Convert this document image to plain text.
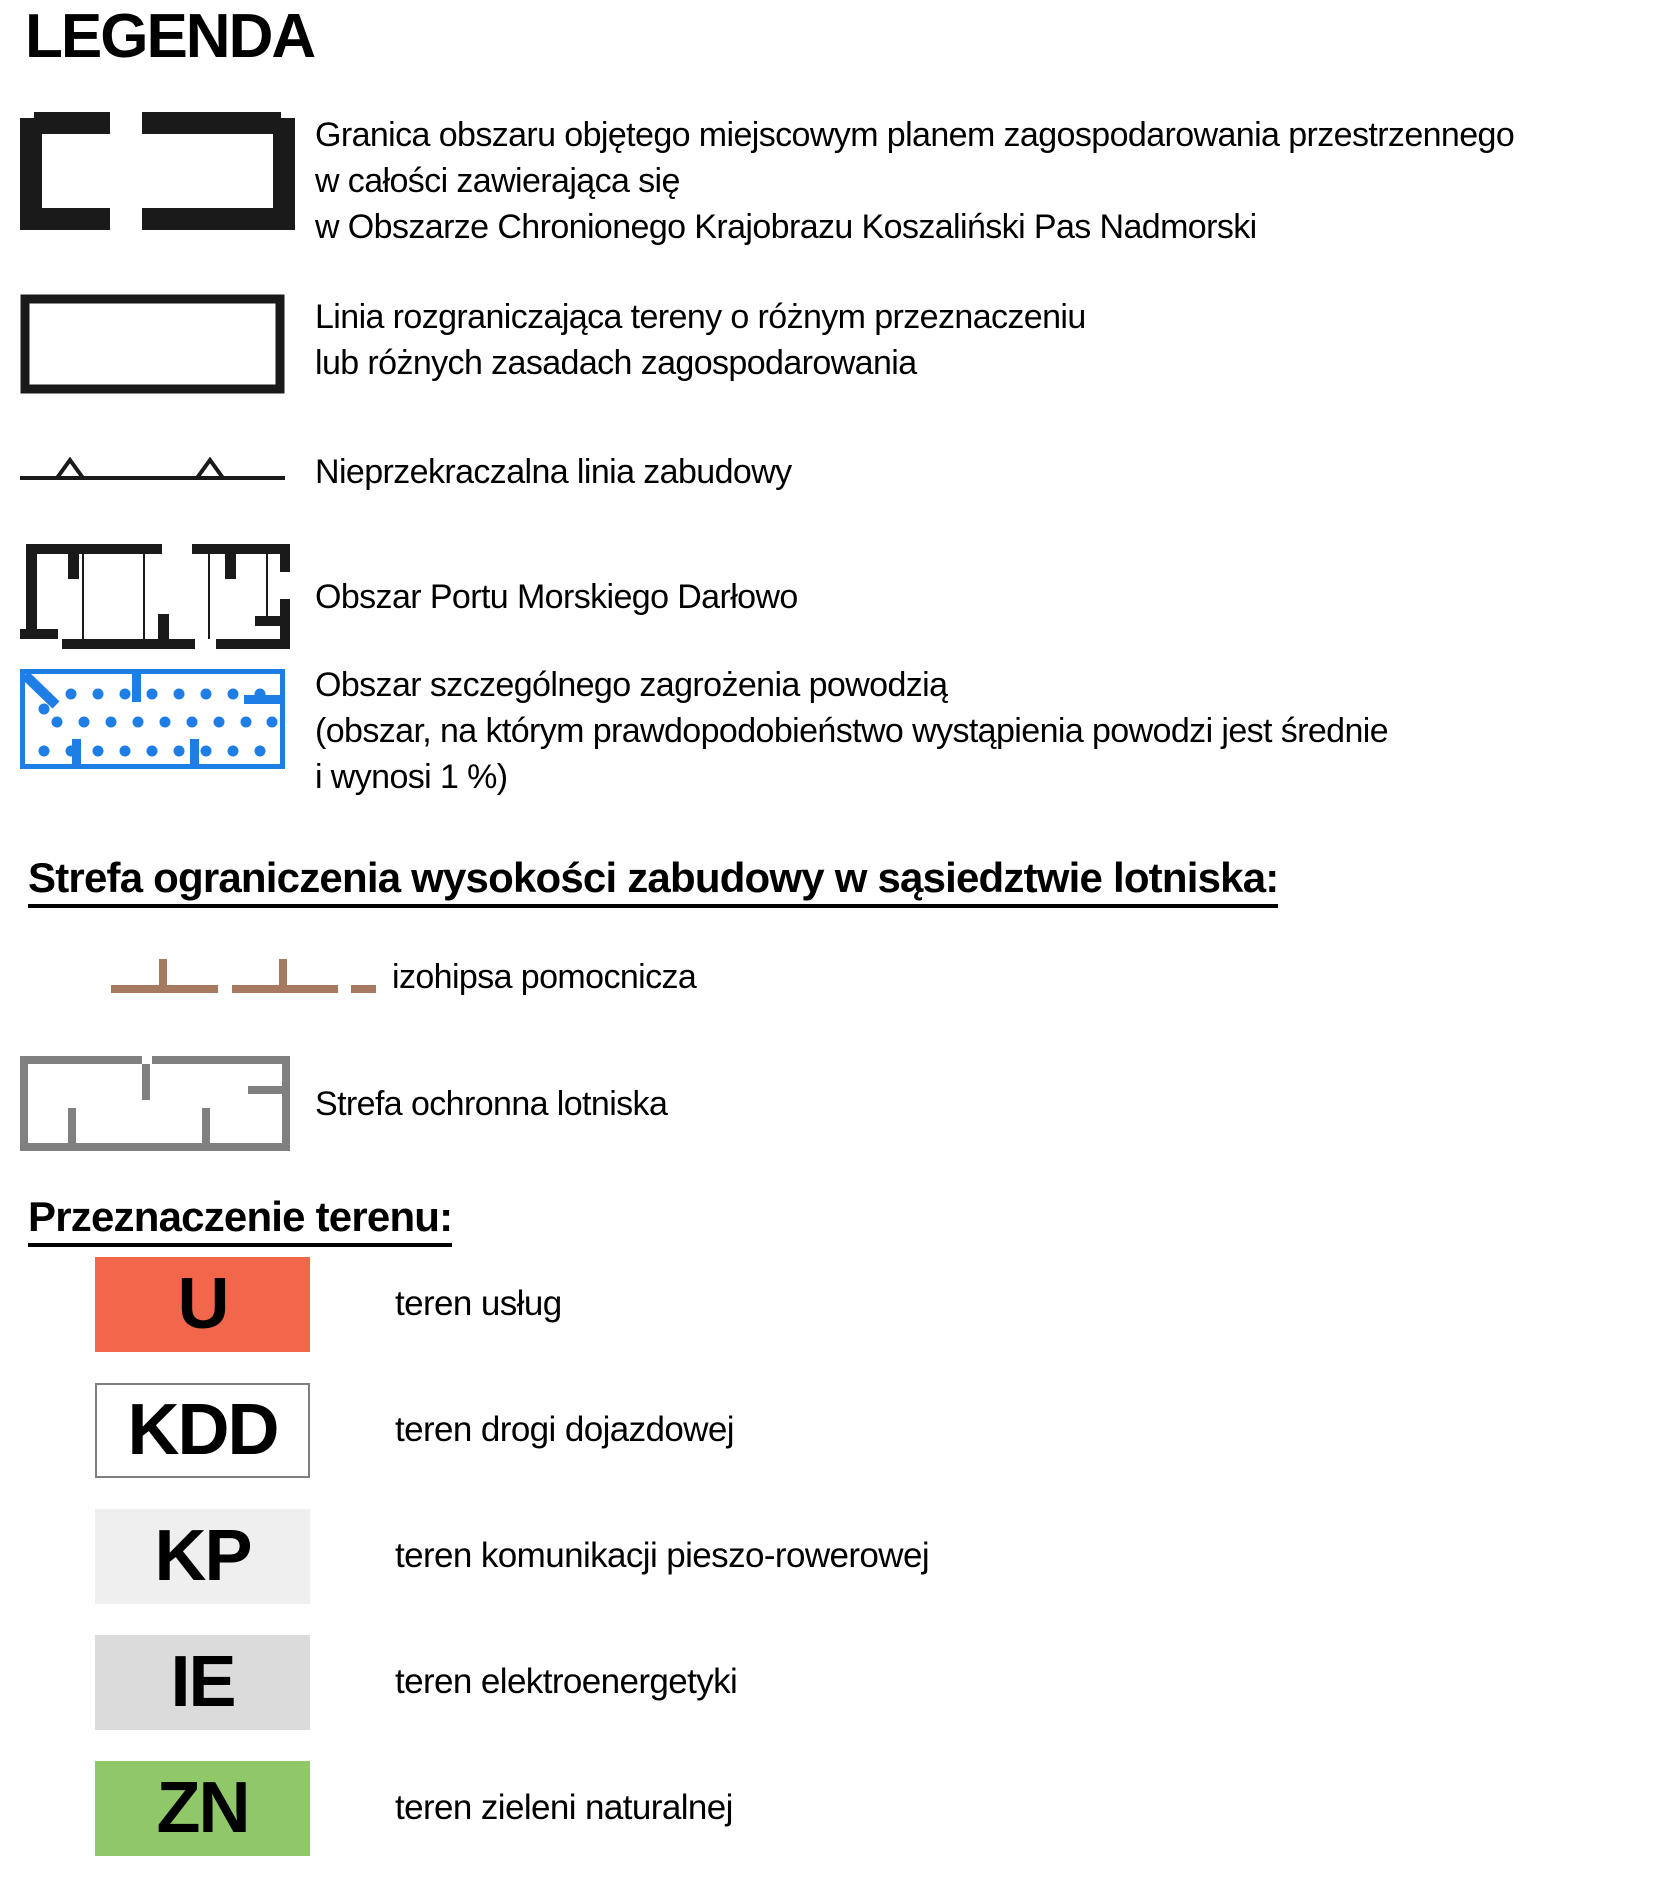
LEGENDA
Granica obszaru objętego miejscowym planem zagospodarowania przestrzennego
w całości zawierająca się
w Obszarze Chronionego Krajobrazu Koszaliński Pas Nadmorski
Linia rozgraniczająca tereny o różnym przeznaczeniu
lub różnych zasadach zagospodarowania
Nieprzekraczalna linia zabudowy
Obszar Portu Morskiego Darłowo
Obszar szczególnego zagrożenia powodzią
(obszar, na którym prawdopodobieństwo wystąpienia powodzi jest średnie
i wynosi 1 %)
Strefa ograniczenia wysokości zabudowy w sąsiedztwie lotniska:
izohipsa pomocnicza
Strefa ochronna lotniska
Przeznaczenie terenu:
U	teren usług
KDD	teren drogi dojazdowej
KP	teren komunikacji pieszo-rowerowej
IE	teren elektroenergetyki
ZN	teren zieleni naturalnej
